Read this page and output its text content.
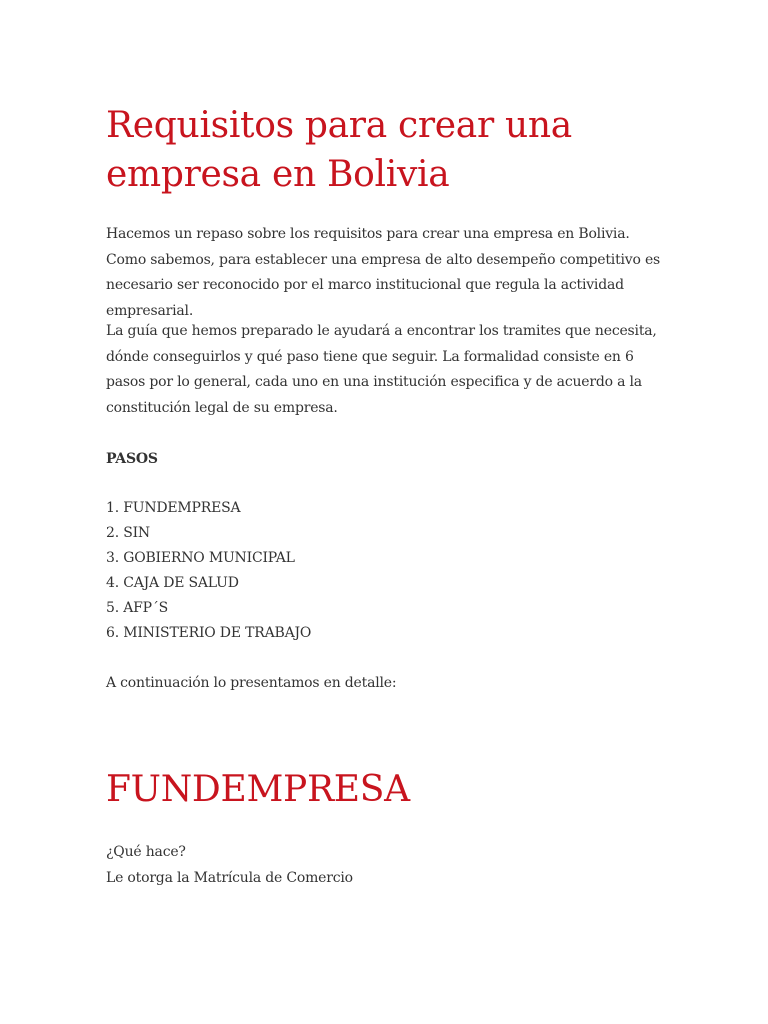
Requisitos para crear una empresa en Bolivia

Hacemos un repaso sobre los requisitos para crear una empresa en Bolivia. Como sabemos, para establecer una empresa de alto desempeño competitivo es necesario ser reconocido por el marco institucional que regula la actividad empresarial.

La guía que hemos preparado le ayudará a encontrar los tramites que necesita, dónde conseguirlos y qué paso tiene que seguir. La formalidad consiste en 6 pasos por lo general, cada uno en una institución especifica y de acuerdo a la constitución legal de su empresa.

PASOS

1. FUNDEMPRESA
2. SIN
3. GOBIERNO MUNICIPAL
4. CAJA DE SALUD
5. AFP´S
6. MINISTERIO DE TRABAJO

A continuación lo presentamos en detalle:

FUNDEMPRESA
¿Qué hace?
Le otorga la Matrícula de Comercio
